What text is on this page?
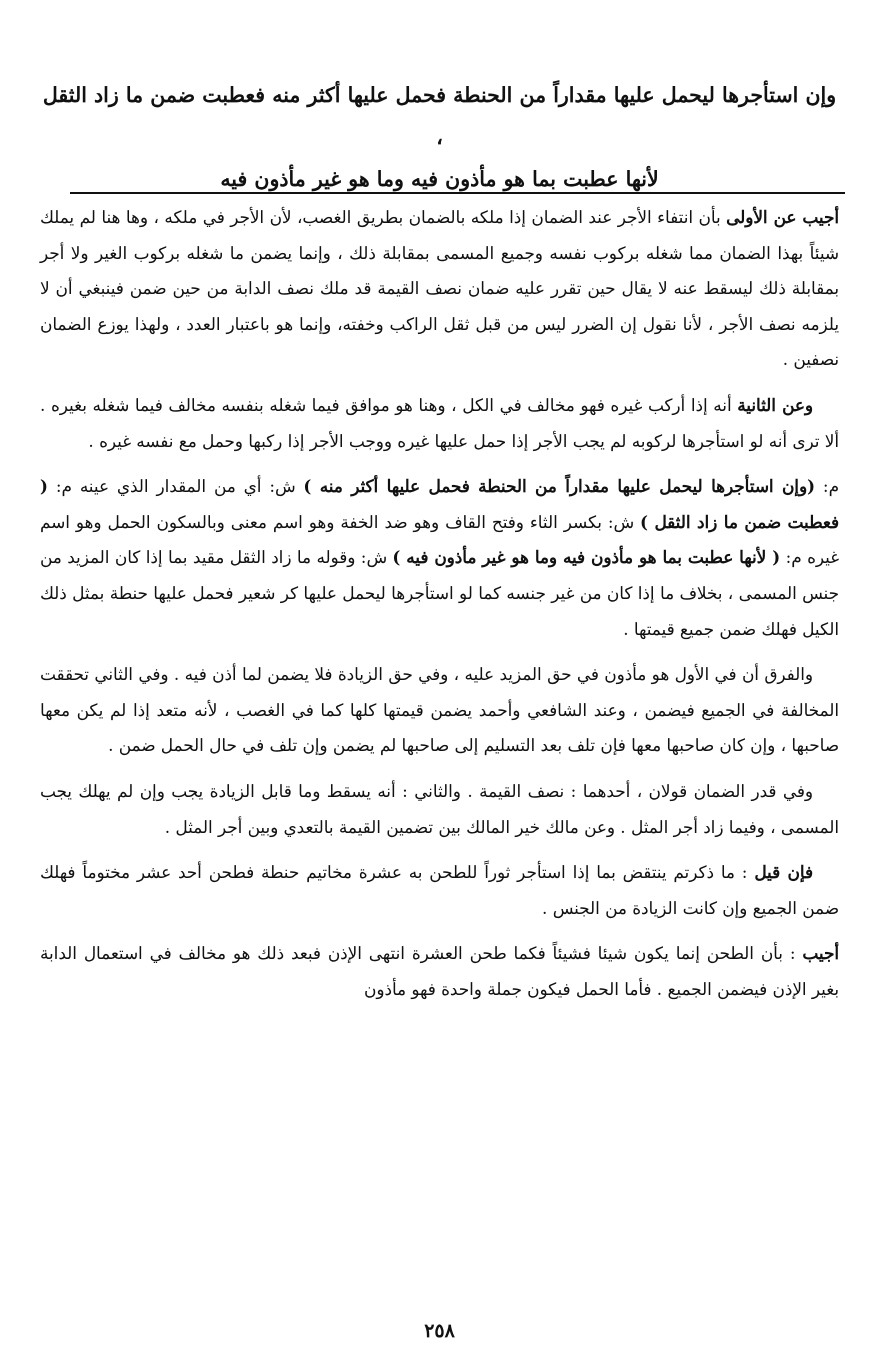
وإن استأجرها ليحمل عليها مقداراً من الحنطة فحمل عليها أكثر منه فعطبت ضمن ما زاد الثقل ،

لأنها عطبت بما هو مأذون فيه وما هو غير مأذون فيه

أجيب عن الأولى بأن انتفاء الأجر عند الضمان إذا ملكه بالضمان بطريق الغصب، لأن الأجر في ملكه ، وها هنا لم يملك شيئاً بهذا الضمان مما شغله بركوب نفسه وجميع المسمى بمقابلة ذلك ، وإنما يضمن ما شغله بركوب الغير ولا أجر بمقابلة ذلك ليسقط عنه لا يقال حين تقرر عليه ضمان نصف القيمة قد ملك نصف الدابة من حين ضمن فينبغي أن لا يلزمه نصف الأجر ، لأنا نقول إن الضرر ليس من قبل ثقل الراكب وخفته، وإنما هو باعتبار العدد ، ولهذا يوزع الضمان نصفين .

وعن الثانية أنه إذا أركب غيره فهو مخالف في الكل ، وهنا هو موافق فيما شغله بنفسه مخالف فيما شغله بغيره . ألا ترى أنه لو استأجرها لركوبه لم يجب الأجر إذا حمل عليها غيره ووجب الأجر إذا ركبها وحمل مع نفسه غيره .

م: (وإن استأجرها ليحمل عليها مقداراً من الحنطة فحمل عليها أكثر منه ) ش: أي من المقدار الذي عينه م: ( فعطبت ضمن ما زاد الثقل ) ش: بكسر الثاء وفتح القاف وهو ضد الخفة وهو اسم معنى وبالسكون الحمل وهو اسم غيره م: ( لأنها عطبت بما هو مأذون فيه وما هو غير مأذون فيه ) ش: وقوله ما زاد الثقل مقيد بما إذا كان المزيد من جنس المسمى ، بخلاف ما إذا كان من غير جنسه كما لو استأجرها ليحمل عليها كر شعير فحمل عليها حنطة بمثل ذلك الكيل فهلك ضمن جميع قيمتها .

والفرق أن في الأول هو مأذون في حق المزيد عليه ، وفي حق الزيادة فلا يضمن لما أذن فيه . وفي الثاني تحققت المخالفة في الجميع فيضمن ، وعند الشافعي وأحمد يضمن قيمتها كلها كما في الغصب ، لأنه متعد إذا لم يكن معها صاحبها ، وإن كان صاحبها معها فإن تلف بعد التسليم إلى صاحبها لم يضمن وإن تلف في حال الحمل ضمن .

وفي قدر الضمان قولان ، أحدهما : نصف القيمة . والثاني : أنه يسقط وما قابل الزيادة يجب وإن لم يهلك يجب المسمى ، وفيما زاد أجر المثل . وعن مالك خير المالك بين تضمين القيمة بالتعدي وبين أجر المثل .

فإن قيل : ما ذكرتم ينتقض بما إذا استأجر ثوراً للطحن به عشرة مخاتيم حنطة فطحن أحد عشر مختوماً فهلك ضمن الجميع وإن كانت الزيادة من الجنس .

أجيب : بأن الطحن إنما يكون شيئا فشيئاً فكما طحن العشرة انتهى الإذن فبعد ذلك هو مخالف في استعمال الدابة بغير الإذن فيضمن الجميع . فأما الحمل فيكون جملة واحدة فهو مأذون

٢٥٨
